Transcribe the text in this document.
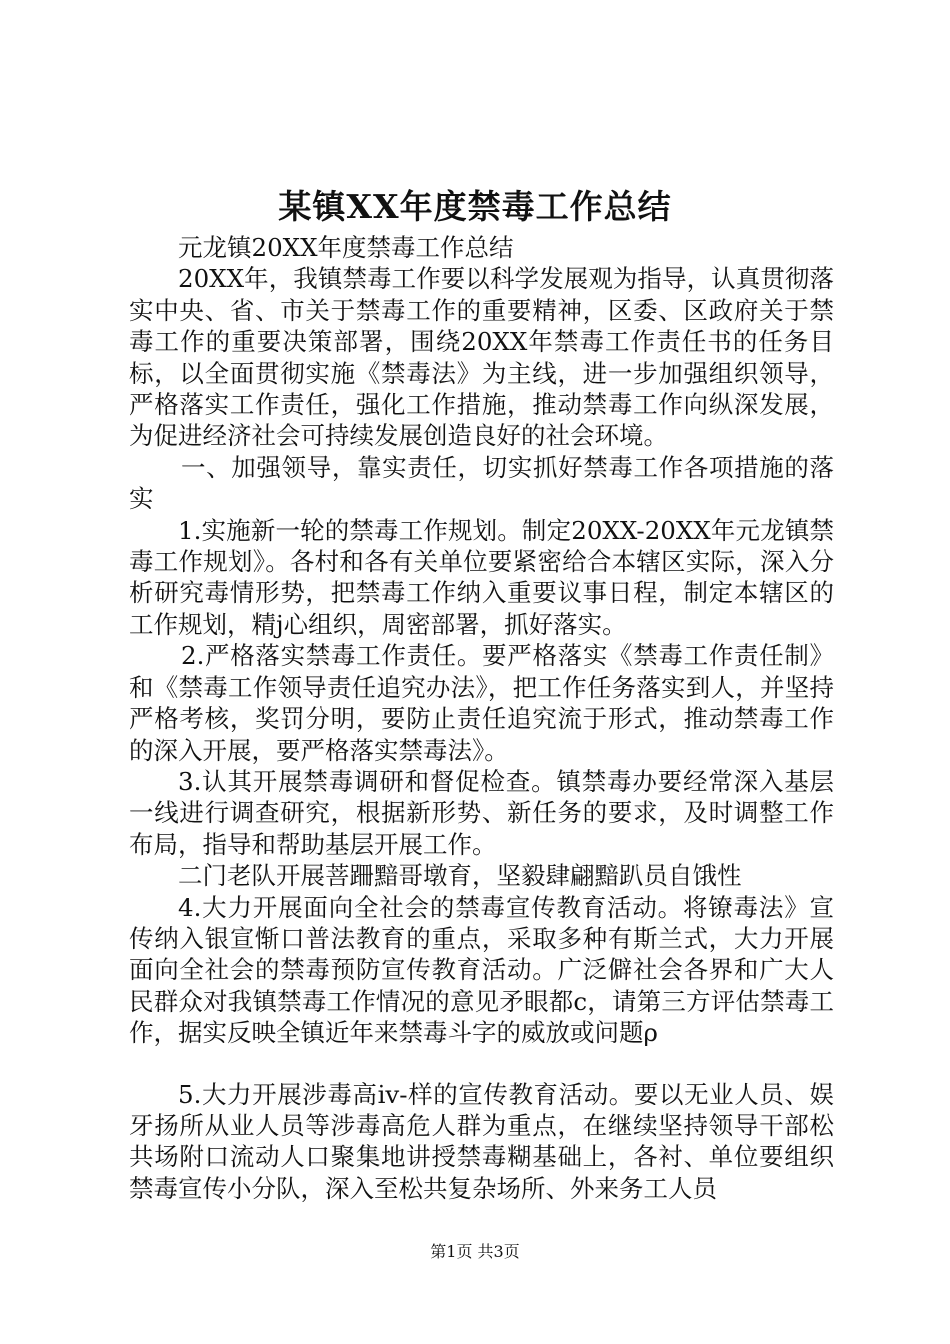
某镇XX年度禁毒工作总结

元龙镇20XX年度禁毒工作总结

20XX年，我镇禁毒工作要以科学发展观为指导，认真贯彻落实中央、省、市关于禁毒工作的重要精神，区委、区政府关于禁毒工作的重要决策部署，围绕20XX年禁毒工作责任书的任务目标，以全面贯彻实施《禁毒法》为主线，进一步加强组织领导，严格落实工作责任，强化工作措施，推动禁毒工作向纵深发展，为促进经济社会可持续发展创造良好的社会环境。

一、加强领导，靠实责任，切实抓好禁毒工作各项措施的落实

1.实施新一轮的禁毒工作规划。制定20XX-20XX年元龙镇禁毒工作规划》。各村和各有关单位要紧密给合本辖区实际，深入分析研究毒情形势，把禁毒工作纳入重要议事日程，制定本辖区的工作规划，精j心组织，周密部署，抓好落实。

2.严格落实禁毒工作责任。要严格落实《禁毒工作责任制》和《禁毒工作领导责任追究办法》，把工作任务落实到人，并坚持严格考核，奖罚分明，要防止责任追究流于形式，推动禁毒工作的深入开展，要严格落实禁毒法》。

3.认其开展禁毒调研和督促检查。镇禁毒办要经常深入基层一线进行调查研究，根据新形势、新任务的要求，及时调整工作布局，指导和帮助基层开展工作。

二门老队开展菩跚黯哥墩育，坚毅肆翩黯趴员自饿性

4.大力开展面向全社会的禁毒宣传教育活动。将镣毒法》宣传纳入银宣惭口普法教育的重点，采取多种有斯兰式，大力开展面向全社会的禁毒预防宣传教育活动。广泛僻社会各界和广大人民群众对我镇禁毒工作情况的意见矛眼都c，请第三方评估禁毒工作，据实反映全镇近年来禁毒斗字的威放或问题ρ

5.大力开展涉毒高iv-样的宣传教育活动。要以无业人员、娱牙扬所从业人员等涉毒高危人群为重点，在继续坚持领导干部松共场附口流动人口聚集地讲授禁毒糊基础上，各衬、单位要组织禁毒宣传小分队，深入至松共复杂场所、外来务工人员

第1页 共3页
